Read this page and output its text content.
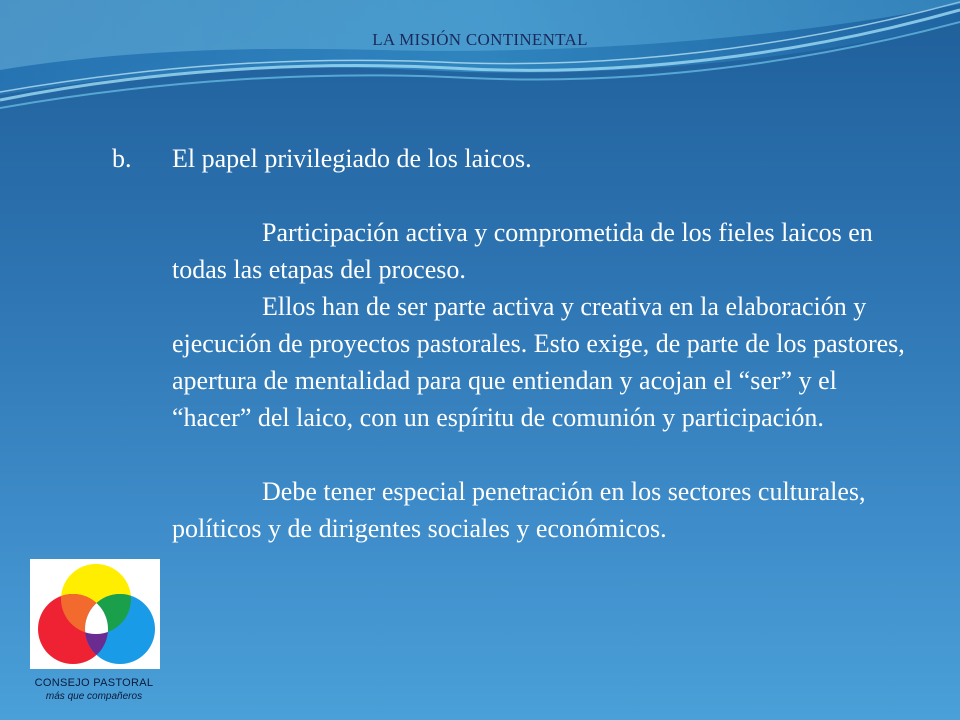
LA MISIÓN CONTINENTAL
b.	El papel privilegiado de los laicos.

Participación activa y comprometida de los fieles laicos en todas las etapas del proceso.

Ellos han de ser parte activa y creativa en la elaboración y ejecución de proyectos pastorales. Esto exige, de parte de los pastores, apertura de mentalidad para que entiendan y acojan el “ser” y el “hacer” del laico, con un espíritu de comunión y participación.

Debe tener especial penetración en los sectores culturales, políticos y de dirigentes sociales y económicos.

CONSEJO PASTORAL
más que compañeros
